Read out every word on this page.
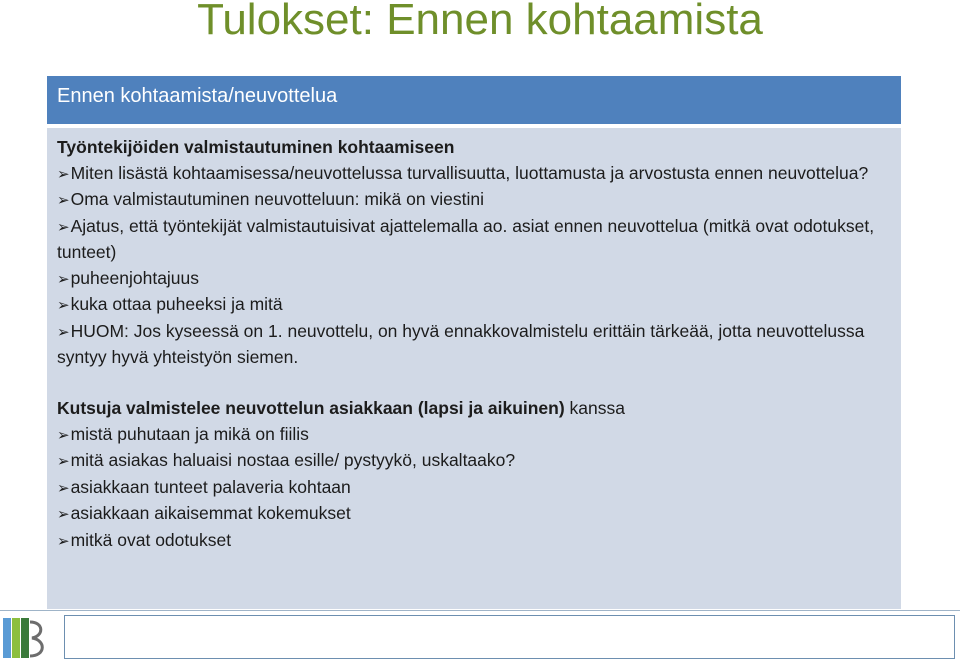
Tulokset: Ennen kohtaamista
Ennen kohtaamista/neuvottelua
Työntekijöiden valmistautuminen kohtaamiseen
➢Miten lisästä kohtaamisessa/neuvottelussa turvallisuutta, luottamusta ja arvostusta ennen neuvottelua?
➢Oma valmistautuminen neuvotteluun: mikä on viestini
➢Ajatus, että työntekijät valmistautuisivat ajattelemalla ao. asiat ennen neuvottelua (mitkä ovat odotukset, tunteet)
➢puheenjohtajuus
➢kuka ottaa puheeksi ja mitä
➢HUOM: Jos kyseessä on 1. neuvottelu, on hyvä ennakkovalmistelu erittäin tärkeää, jotta neuvottelussa syntyy hyvä yhteistyön siemen.
Kutsuja valmistelee neuvottelun asiakkaan (lapsi ja aikuinen) kanssa
➢mistä puhutaan ja mikä on fiilis
➢mitä asiakas haluaisi nostaa esille/ pystyykö, uskaltaako?
➢asiakkaan tunteet palaveria kohtaan
➢asiakkaan aikaisemmat kokemukset
➢mitkä ovat odotukset
